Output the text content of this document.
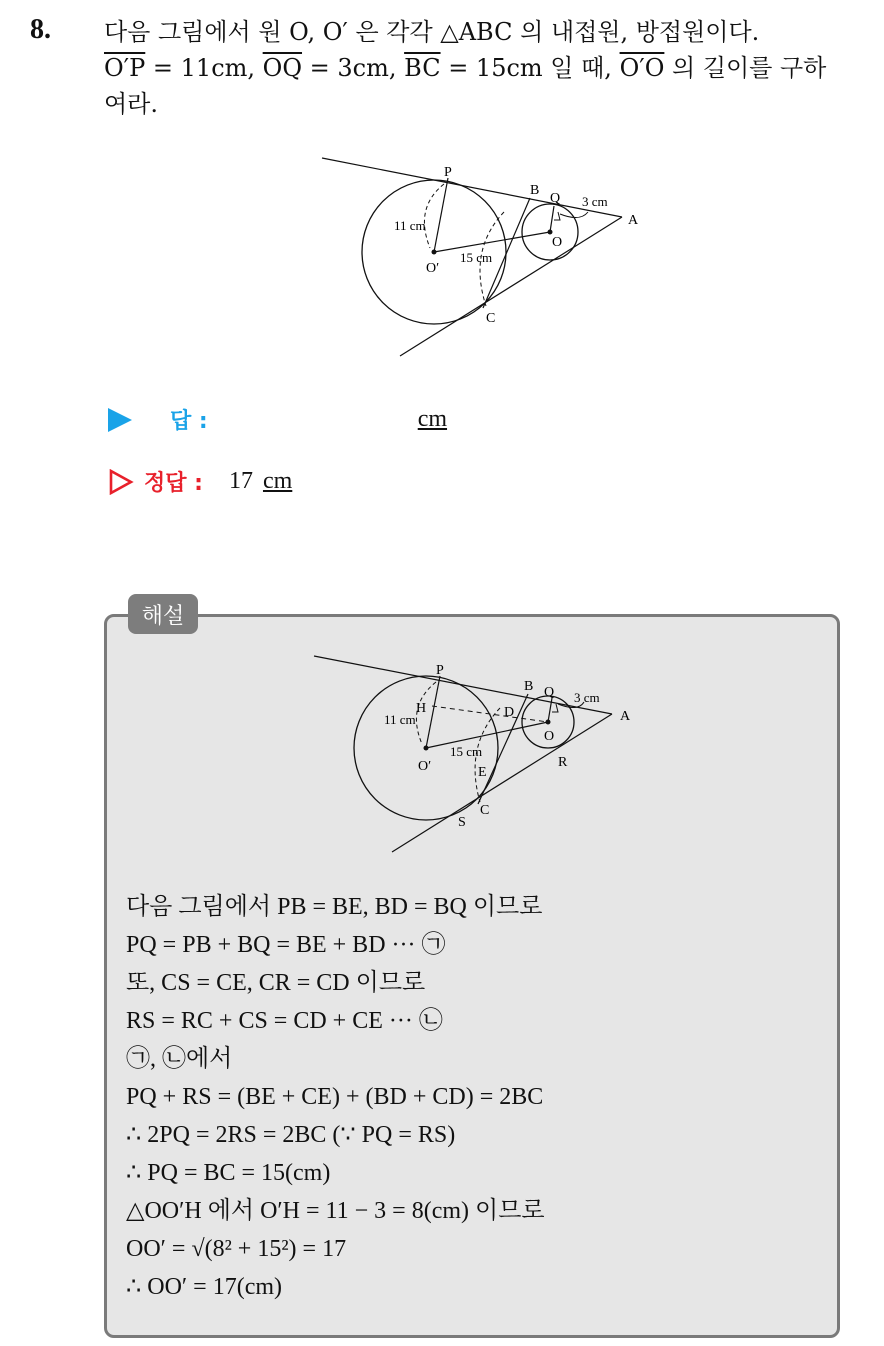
8. 다음 그림에서 원 O, O′ 은 각각 △ABC 의 내접원, 방접원이다.
O′P = 11cm, $\overline{OQ} = 3cm$, $\overline{BC} = 15cm$ 일 때, O′O 의 길이를 구하
여라.
P
B
Q
A
O
O′
C
11 cm
15 cm
3 cm
답 :	cm
정답 : 17 cm
해설
P
H
B Q
A
D
O
O′	E
C
S
R
11 cm
15 cm
3 cm
다음 그림에서 PB = BE, BD = BQ 이므로
PQ = PB + BQ = BE + BD ··· ㉠
또, CS = CE, CR = CD 이므로
RS = RC + CS = CD + CE ··· ㉡
㉠, ㉡에서
PQ + RS = (BE + CE) + (BD + CD) = 2BC
∴ 2PQ = 2RS = 2BC (∵ PQ = RS)
∴ PQ = BC = 15(cm)
△OO′H 에서 O′H = 11 − 3 = 8(cm) 이므로
OO′ = √(8² + 15²) = 17
∴ OO′ = 17(cm)
